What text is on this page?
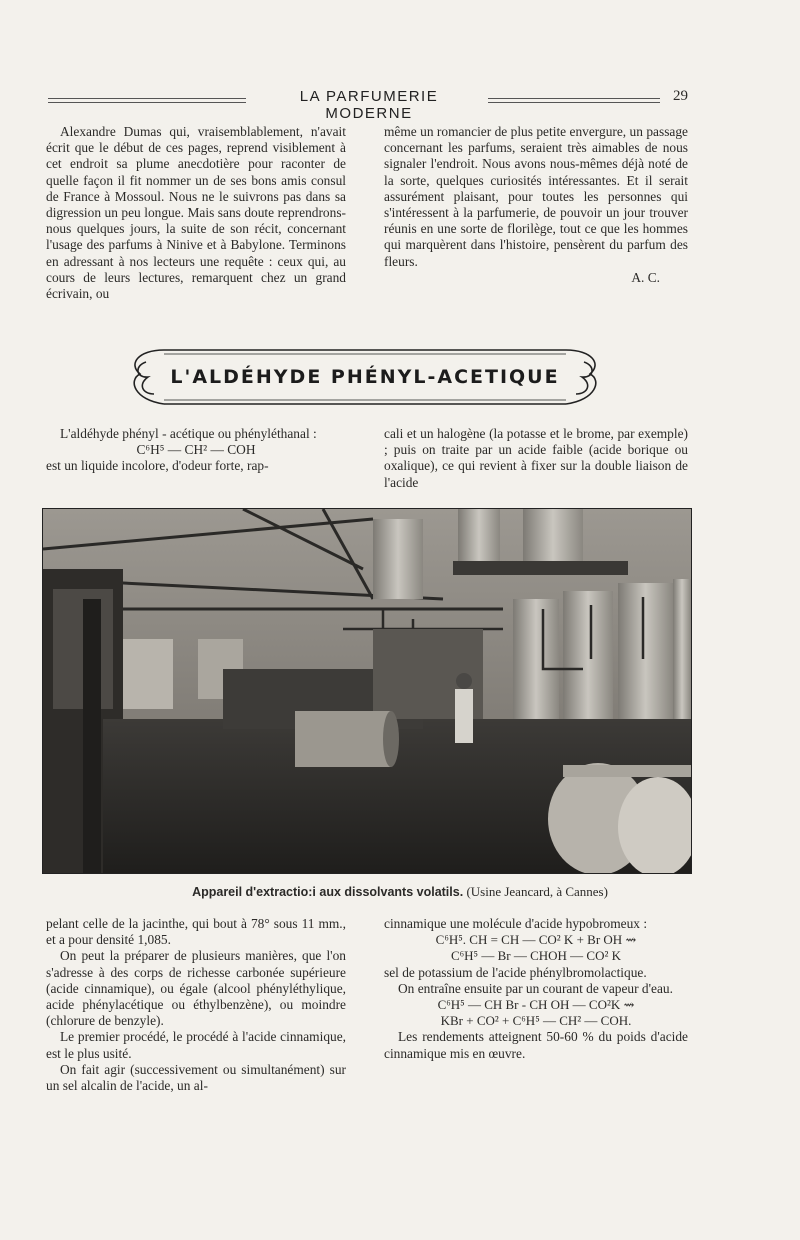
LA PARFUMERIE MODERNE
29

Alexandre Dumas qui, vraisemblablement, n'avait écrit que le début de ces pages, reprend visiblement à cet endroit sa plume anecdotière pour raconter de quelle façon il fit nommer un de ses bons amis consul de France à Mossoul. Nous ne le suivrons pas dans sa digression un peu longue. Mais sans doute reprendrons-nous quelques jours, la suite de son récit, concernant l'usage des parfums à Ninive et à Babylone. Terminons en adressant à nos lecteurs une requête : ceux qui, au cours de leurs lectures, remarquent chez un grand écrivain, ou

même un romancier de plus petite envergure, un passage concernant les parfums, seraient très aimables de nous signaler l'endroit. Nous avons nous-mêmes déjà noté de la sorte, quelques curiosités intéressantes. Et il serait assurément plaisant, pour toutes les personnes qui s'intéressent à la parfumerie, de pouvoir un jour trouver réunis en une sorte de florilège, tout ce que les hommes qui marquèrent dans l'histoire, pensèrent du parfum des fleurs.

A. C.

L'ALDÉHYDE PHÉNYL-ACETIQUE

L'aldéhyde phényl - acétique ou phényléthanal :

C⁶H⁵ — CH² — COH

est un liquide incolore, d'odeur forte, rap-

cali et un halogène (la potasse et le brome, par exemple) ; puis on traite par un acide faible (acide borique ou oxalique), ce qui revient à fixer sur la double liaison de l'acide

Appareil d'extractio:i aux dissolvants volatils. (Usine Jeancard, à Cannes)

pelant celle de la jacinthe, qui bout à 78° sous 11 mm., et a pour densité 1,085.

On peut la préparer de plusieurs manières, que l'on s'adresse à des corps de richesse carbonée supérieure (acide cinnamique), ou égale (alcool phényléthylique, acide phénylacétique ou éthylbenzène), ou moindre (chlorure de benzyle).

Le premier procédé, le procédé à l'acide cinnamique, est le plus usité.

On fait agir (successivement ou simultanément) sur un sel alcalin de l'acide, un al-

cinnamique une molécule d'acide hypobromeux :

C⁶H⁵. CH = CH — CO² K + Br OH ⇝

C⁶H⁵ — Br — CHOH — CO² K

sel de potassium de l'acide phénylbromolactique.

On entraîne ensuite par un courant de vapeur d'eau.

C⁶H⁵ — CH Br - CH OH — CO²K ⇝

KBr + CO² + C⁶H⁵ — CH² — COH.

Les rendements atteignent 50-60 % du poids d'acide cinnamique mis en œuvre.
